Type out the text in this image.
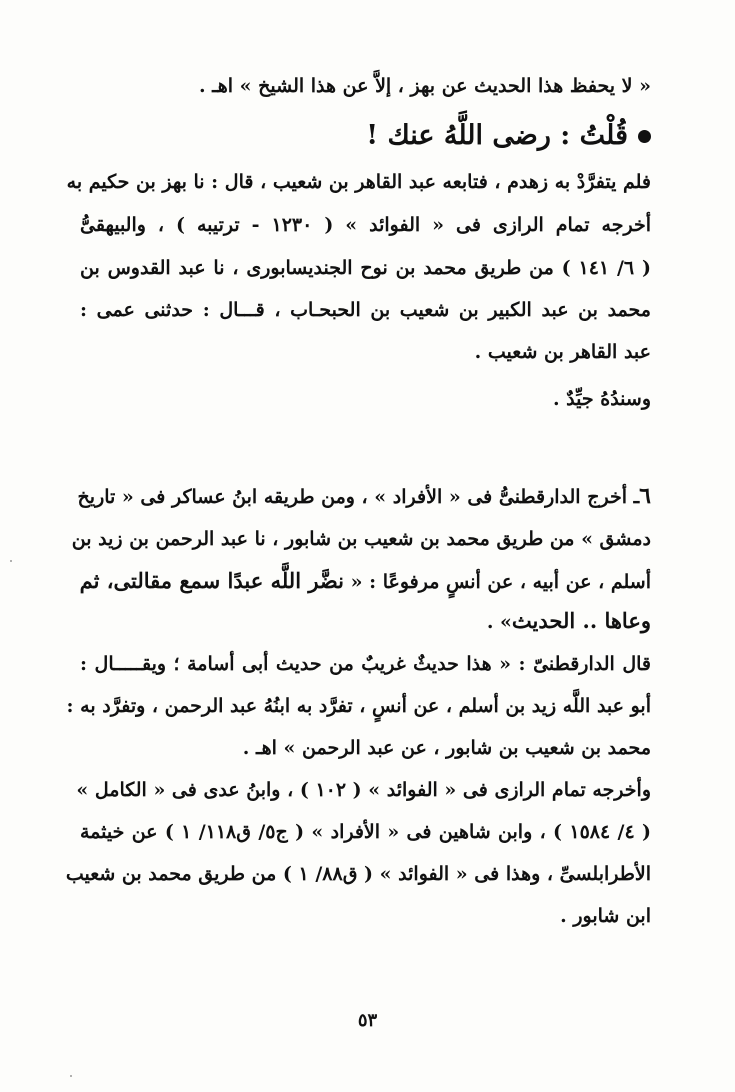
« لا يحفظ هذا الحديث عن بهز ، إلاَّ عن هذا الشيخ » اهـ .
قُلْتُ : رضى اللَّهُ عنك !
فلم يتفرَّدْ به زهدم ، فتابعه عبد القاهر بن شعيب ، قال : نا بهز بن حكيم به
أخرجه تمام الرازى فى « الفوائد » ( ١٢٣٠ - ترتيبه ) ، والبيهقىُّ
( ٦/ ١٤١ ) من طريق محمد بن نوح الجنديسابورى ، نا عبد القدوس بن
محمد بن عبد الكبير بن شعيب بن الحبحـاب ، قـــال : حدثنى عمى :
عبد القاهر بن شعيب .
وسندُهُ جيِّدٌ .
٦ـ أخرج الدارقطنىُّ فى « الأفراد » ، ومن طريقه ابنُ عساكر فى « تاريخ
دمشق » من طريق محمد بن شعيب بن شابور ، نا عبد الرحمن بن زيد بن
أسلم ، عن أبيه ، عن أنسٍ مرفوعًا : « نضَّر اللَّه عبدًا سمع مقالتى، ثم
وعاها .. الحديث» .
قال الدارقطنىّ : « هذا حديثٌ غريبٌ من حديث أبى أسامة ؛ ويقـــــال :
أبو عبد اللَّه زيد بن أسلم ، عن أنسٍ ، تفرَّد به ابنُهُ عبد الرحمن ، وتفرَّد به :
محمد بن شعيب بن شابور ، عن عبد الرحمن » اهـ .
وأخرجه تمام الرازى فى « الفوائد » ( ١٠٢ ) ، وابنُ عدى فى « الكامل »
( ٤/ ١٥٨٤ ) ، وابن شاهين فى « الأفراد » ( ج٥/ ق١١٨/ ١ ) عن خيثمة
الأطرابلسىِّ ، وهذا فى « الفوائد » ( ق٨٨/ ١ ) من طريق محمد بن شعيب
ابن شابور .
٥٣
